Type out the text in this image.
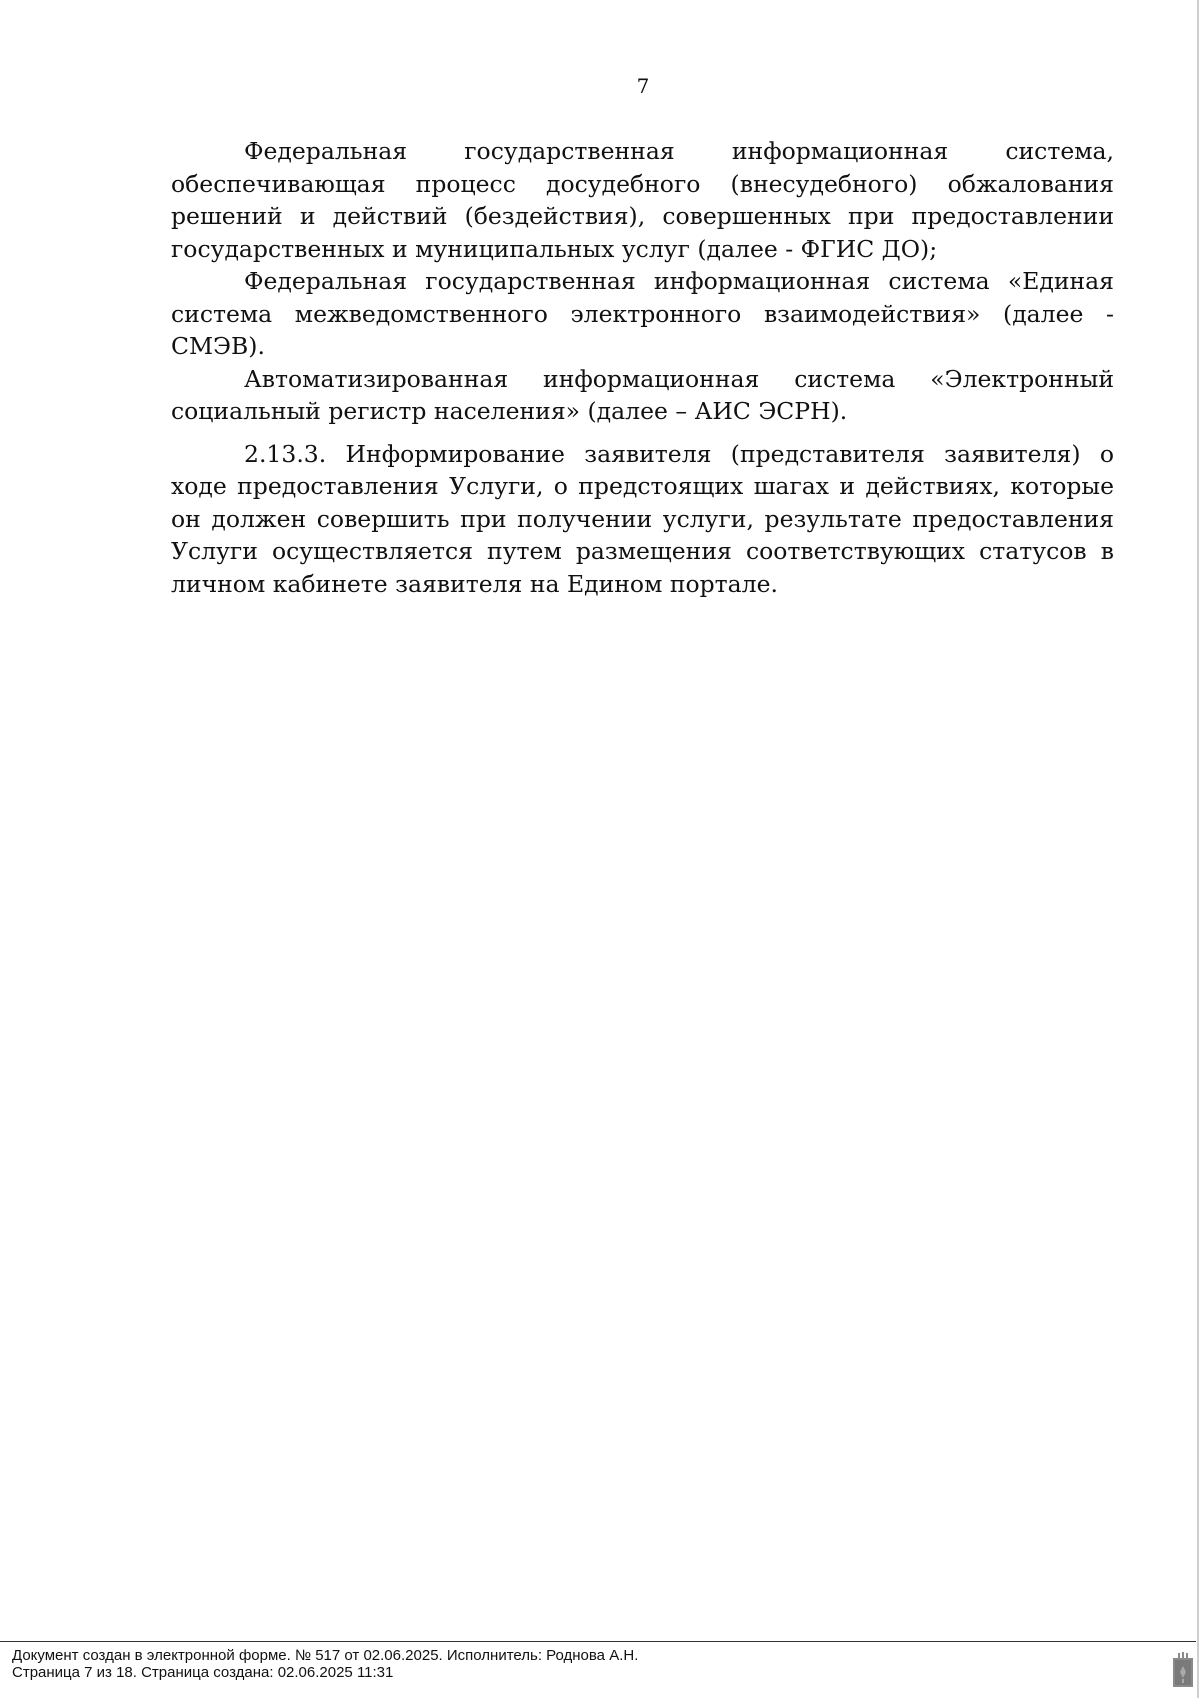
7

Федеральная государственная информационная система, обеспечивающая процесс досудебного (внесудебного) обжалования решений и действий (бездействия), совершенных при предоставлении государственных и муниципальных услуг (далее - ФГИС ДО);

Федеральная государственная информационная система «Единая система межведомственного электронного взаимодействия» (далее - СМЭВ).

Автоматизированная информационная система «Электронный социальный регистр населения» (далее – АИС ЭСРН).

2.13.3. Информирование заявителя (представителя заявителя) о ходе предоставления Услуги, о предстоящих шагах и действиях, которые он должен совершить при получении услуги, результате предоставления Услуги осуществляется путем размещения соответствующих статусов в личном кабинете заявителя на Едином портале.

Документ создан в электронной форме. № 517 от 02.06.2025. Исполнитель: Роднова А.Н.
Страница 7 из 18. Страница создана: 02.06.2025 11:31
